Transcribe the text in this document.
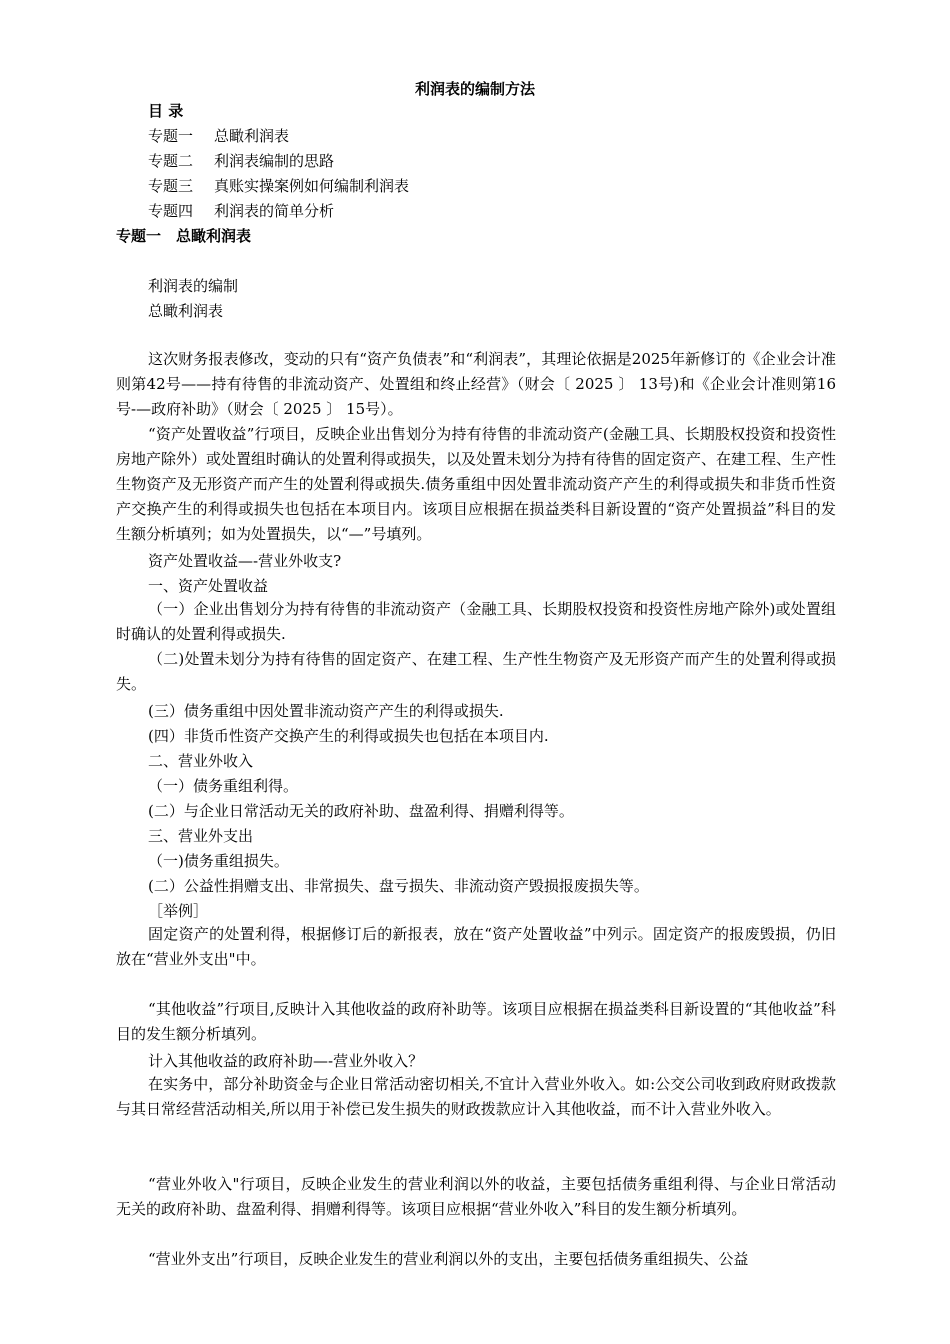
利润表的编制方法
目 录
专题一 总瞰利润表
专题二 利润表编制的思路
专题三 真账实操案例如何编制利润表
专题四 利润表的简单分析
专题一　总瞰利润表
利润表的编制
总瞰利润表

这次财务报表修改，变动的只有“资产负债表”和“利润表”，其理论依据是2025年新修订的《企业会计准则第42号——持有待售的非流动资产、处置组和终止经营》（财会〔 2025 〕 13号)和《企业会计准则第16号-—政府补助》（财会〔 2025 〕 15号）。

“资产处置收益”行项目，反映企业出售划分为持有待售的非流动资产(金融工具、长期股权投资和投资性房地产除外）或处置组时确认的处置利得或损失，以及处置未划分为持有待售的固定资产、在建工程、生产性生物资产及无形资产而产生的处置利得或损失.债务重组中因处置非流动资产产生的利得或损失和非货币性资产交换产生的利得或损失也包括在本项目内。该项目应根据在损益类科目新设置的“资产处置损益”科目的发生额分析填列；如为处置损失，以“—”号填列。

资产处置收益—-营业外收支?
一、资产处置收益

（一）企业出售划分为持有待售的非流动资产（金融工具、长期股权投资和投资性房地产除外)或处置组时确认的处置利得或损失.

（二)处置未划分为持有待售的固定资产、在建工程、生产性生物资产及无形资产而产生的处置利得或损失。

(三）债务重组中因处置非流动资产产生的利得或损失.
(四）非货币性资产交换产生的利得或损失也包括在本项目内.
二、营业外收入
（一）债务重组利得。
(二）与企业日常活动无关的政府补助、盘盈利得、捐赠利得等。
三、营业外支出
（一)债务重组损失。
(二）公益性捐赠支出、非常损失、盘亏损失、非流动资产毁损报废损失等。
［举例］

固定资产的处置利得，根据修订后的新报表，放在“资产处置收益”中列示。固定资产的报废毁损，仍旧放在“营业外支出"中。

“其他收益”行项目,反映计入其他收益的政府补助等。该项目应根据在损益类科目新设置的“其他收益”科目的发生额分析填列。

计入其他收益的政府补助—-营业外收入？

在实务中，部分补助资金与企业日常活动密切相关,不宜计入营业外收入。如:公交公司收到政府财政拨款与其日常经营活动相关,所以用于补偿已发生损失的财政拨款应计入其他收益，而不计入营业外收入。

“营业外收入"行项目，反映企业发生的营业利润以外的收益，主要包括债务重组利得、与企业日常活动无关的政府补助、盘盈利得、捐赠利得等。该项目应根据“营业外收入”科目的发生额分析填列。

“营业外支出”行项目，反映企业发生的营业利润以外的支出，主要包括债务重组损失、公益
